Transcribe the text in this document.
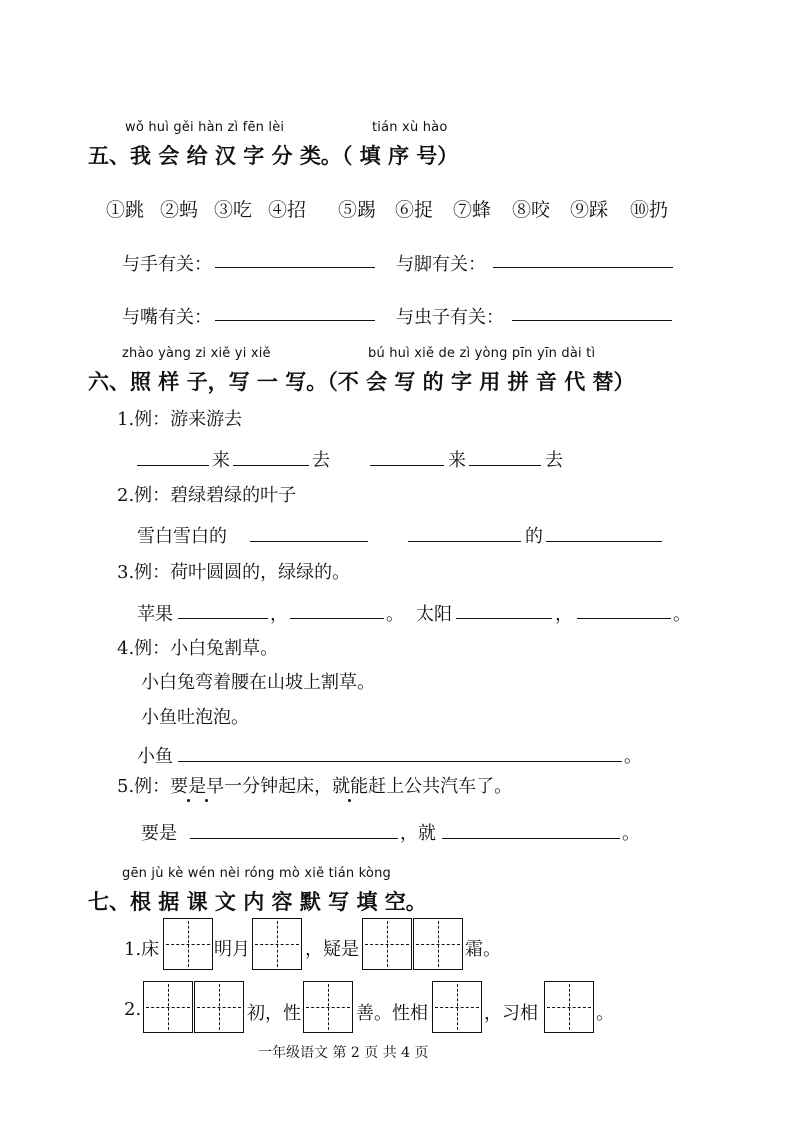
wǒ huì gěi hàn zì fēn lèi	tián xù hào
五、我 会 给 汉 字 分 类。（ 填 序 号）
①跳 ②蚂 ③吃 ④招 ⑤踢 ⑥捉 ⑦蜂 ⑧咬 ⑨踩 ⑩扔
与手有关：	与脚有关：
与嘴有关：	与虫子有关：
zhào yàng zi xiě yi xiě	bú huì xiě de zì yòng pīn yīn dài tì
六、照 样 子，写 一 写。（不 会 写 的 字 用 拼 音 代 替）
1.例：游来游去
来	去	来	去
2.例：碧绿碧绿的叶子
雪白雪白的	的
3.例：荷叶圆圆的，绿绿的。
苹果	，	。 太阳	，	。
4.例：小白兔割草。
小白兔弯着腰在山坡上割草。
小鱼吐泡泡。
小鱼	。
5.例：要是早一分钟起床，就能赶上公共汽车了。
要是	，就	。
gēn jù kè wén nèi róng mò xiě tián kòng
七、根 据 课 文 内 容 默 写 填 空。
1.床	明月	，疑是	霜。
2.	初，性	善。性相	，习相	。
一年级语文 第 2 页 共 4 页
